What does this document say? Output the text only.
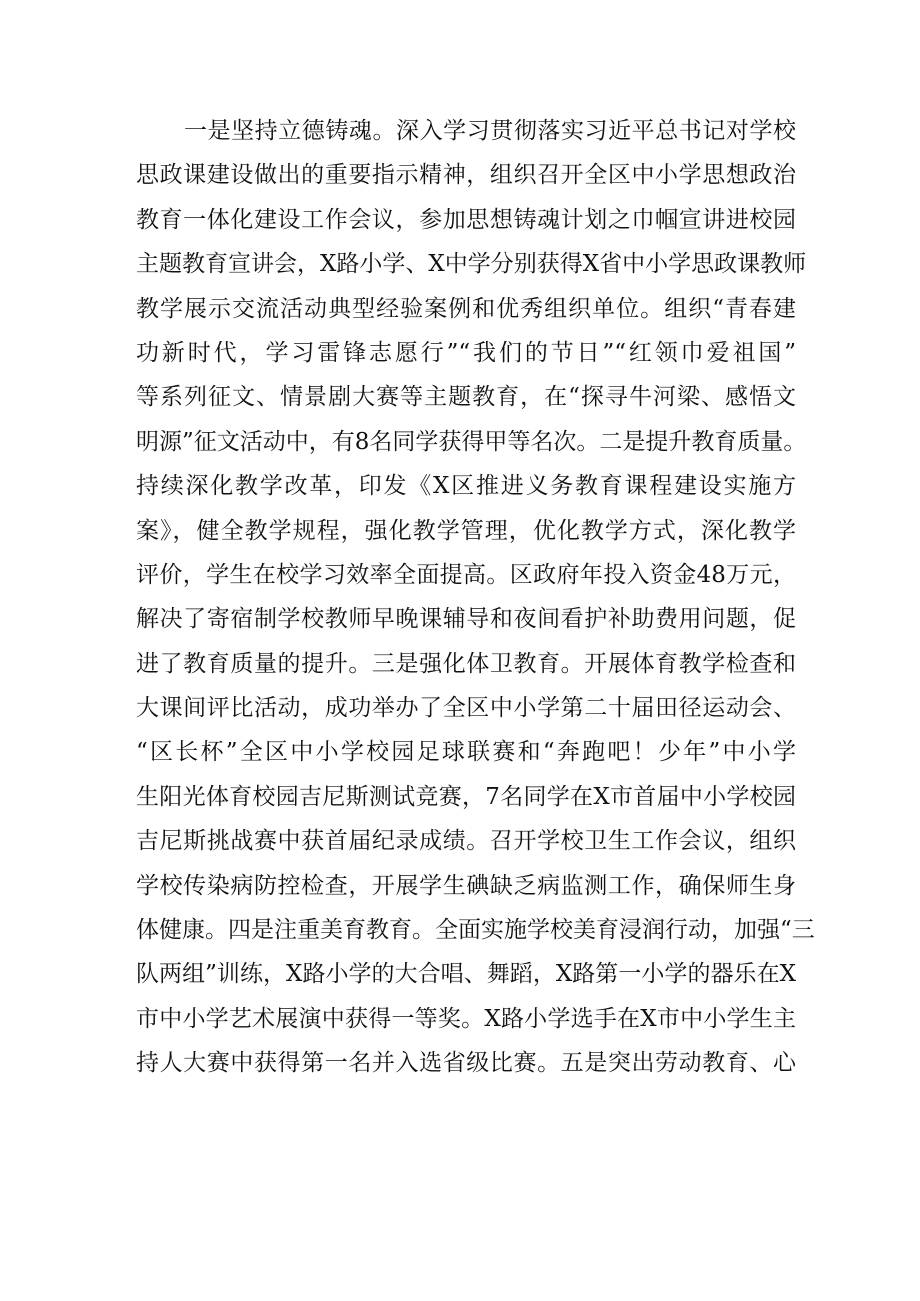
一是坚持立德铸魂。深入学习贯彻落实习近平总书记对学校
思政课建设做出的重要指示精神，组织召开全区中小学思想政治
教育一体化建设工作会议，参加思想铸魂计划之巾帼宣讲进校园
主题教育宣讲会，X路小学、X中学分别获得X省中小学思政课教师
教学展示交流活动典型经验案例和优秀组织单位。组织“青春建
功新时代，学习雷锋志愿行”“我们的节日”“红领巾爱祖国”
等系列征文、情景剧大赛等主题教育，在“探寻牛河梁、感悟文
明源”征文活动中，有8名同学获得甲等名次。二是提升教育质量。
持续深化教学改革，印发《X区推进义务教育课程建设实施方
案》，健全教学规程，强化教学管理，优化教学方式，深化教学
评价，学生在校学习效率全面提高。区政府年投入资金48万元，
解决了寄宿制学校教师早晚课辅导和夜间看护补助费用问题，促
进了教育质量的提升。三是强化体卫教育。开展体育教学检查和
大课间评比活动，成功举办了全区中小学第二十届田径运动会、
“区长杯”全区中小学校园足球联赛和“奔跑吧！少年”中小学
生阳光体育校园吉尼斯测试竞赛，7名同学在X市首届中小学校园
吉尼斯挑战赛中获首届纪录成绩。召开学校卫生工作会议，组织
学校传染病防控检查，开展学生碘缺乏病监测工作，确保师生身
体健康。四是注重美育教育。全面实施学校美育浸润行动，加强“三
队两组”训练，X路小学的大合唱、舞蹈，X路第一小学的器乐在X
市中小学艺术展演中获得一等奖。X路小学选手在X市中小学生主
持人大赛中获得第一名并入选省级比赛。五是突出劳动教育、心
